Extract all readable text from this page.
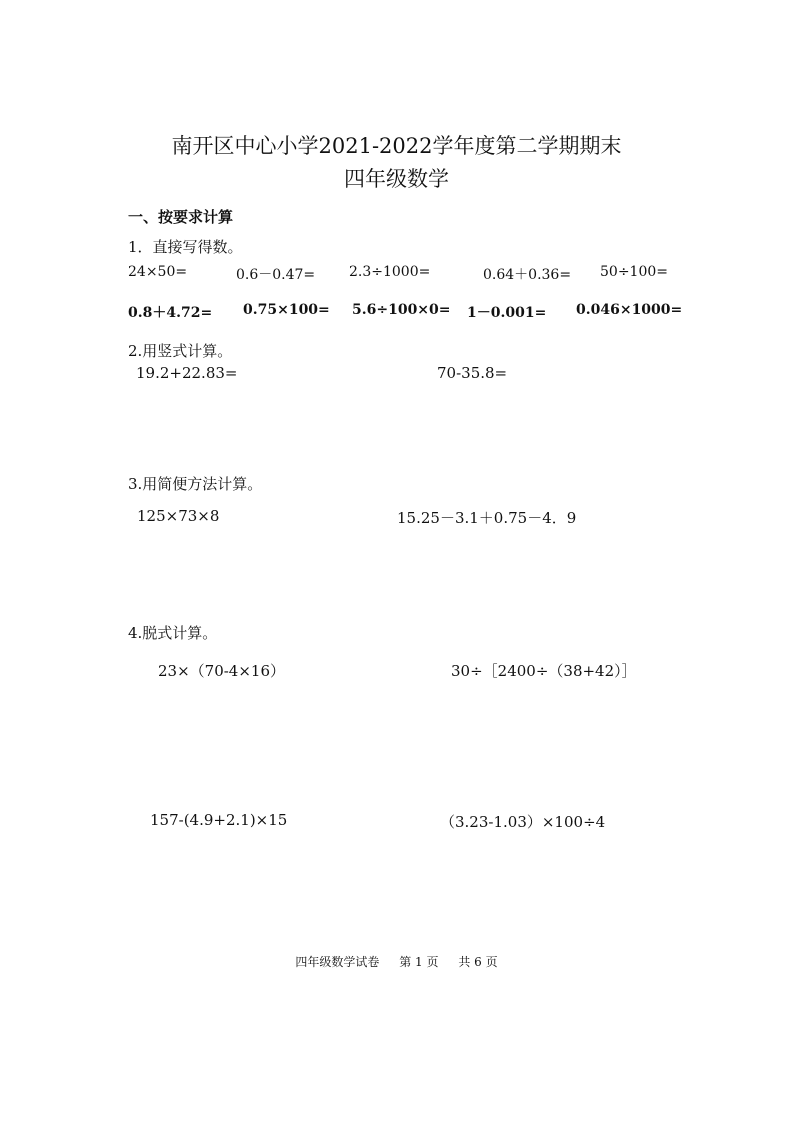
南开区中心小学2021-2022学年度第二学期期末
四年级数学
一、按要求计算
1．直接写得数。
24×50=	0.6－0.47= 2.3÷1000=	0.64＋0.36= 50÷100=
0.8＋4.72= 0.75×100= 5.6÷100×0= 1－0.001= 0.046×1000=
2.用竖式计算。
19.2+22.83=	70-35.8=
3.用简便方法计算。
125×73×8	15.25－3.1＋0.75－4．9
4.脱式计算。
23×（70-4×16）	30÷［2400÷（38+42）］
157-(4.9+2.1)×15	（3.23-1.03）×100÷4
四年级数学试卷 第 1 页 共 6 页
